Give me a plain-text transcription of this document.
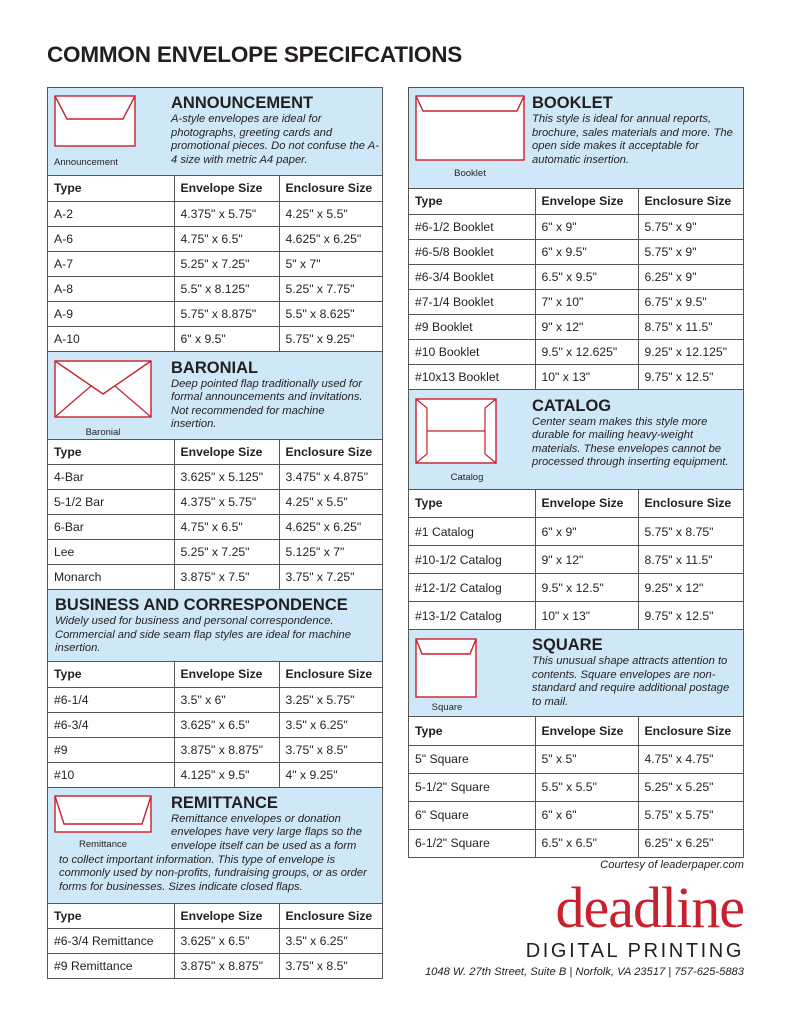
COMMON ENVELOPE SPECIFCATIONS
Announcement
ANNOUNCEMENT
A-style envelopes are ideal for photographs, greeting cards and promotional pieces. Do not confuse the A-4 size with metric A4 paper.
Type	Envelope Size	Enclosure Size
A-2	4.375" x 5.75"	4.25" x 5.5"
A-6	4.75" x 6.5"	4.625" x 6.25"
A-7	5.25" x 7.25"	5" x 7"
A-8	5.5" x 8.125"	5.25" x 7.75"
A-9	5.75" x 8.875"	5.5" x 8.625"
A-10	6" x 9.5"	5.75" x 9.25"
Baronial
BARONIAL
Deep pointed flap traditionally used for formal announcements and invitations. Not recommended for machine insertion.
Type	Envelope Size	Enclosure Size
4-Bar	3.625" x 5.125"	3.475" x 4.875"
5-1/2 Bar	4.375" x 5.75"	4.25" x 5.5"
6-Bar	4.75" x 6.5"	4.625" x 6.25"
Lee	5.25" x 7.25"	5.125" x 7"
Monarch	3.875" x 7.5"	3.75" x 7.25"
BUSINESS AND CORRESPONDENCE
Widely used for business and personal correspondence. Commercial and side seam flap styles are ideal for machine insertion.
Type	Envelope Size	Enclosure Size
#6-1/4	3.5" x 6"	3.25" x 5.75"
#6-3/4	3.625" x 6.5"	3.5" x 6.25"
#9	3.875" x 8.875"	3.75" x 8.5"
#10	4.125" x 9.5"	4" x 9.25"
Remittance
REMITTANCE
Remittance envelopes or donation envelopes have very large flaps so the envelope itself can be used as a form
to collect important information. This type of envelope is commonly used by non-profits, fundraising groups, or as order forms for businesses. Sizes indicate closed flaps.
Type	Envelope Size	Enclosure Size
#6-3/4 Remittance	3.625" x 6.5"	3.5" x 6.25"
#9 Remittance	3.875" x 8.875"	3.75" x 8.5"
Booklet
BOOKLET
This style is ideal for annual reports, brochure, sales materials and more. The open side makes it acceptable for automatic insertion.
Type	Envelope Size	Enclosure Size
#6-1/2 Booklet	6" x 9"	5.75" x 9"
#6-5/8 Booklet	6" x 9.5"	5.75" x 9"
#6-3/4 Booklet	6.5" x 9.5"	6.25" x 9"
#7-1/4 Booklet	7" x 10"	6.75" x 9.5"
#9 Booklet	9" x 12"	8.75" x 11.5"
#10 Booklet	9.5" x 12.625"	9.25" x 12.125"
#10x13 Booklet	10" x 13"	9.75" x 12.5"
Catalog
CATALOG
Center seam makes this style more durable for mailing heavy-weight materials. These envelopes cannot be processed through inserting equipment.
Type	Envelope Size	Enclosure Size
#1 Catalog	6" x 9"	5.75" x 8.75"
#10-1/2 Catalog	9" x 12"	8.75" x 11.5"
#12-1/2 Catalog	9.5" x 12.5"	9.25" x 12"
#13-1/2 Catalog	10" x 13"	9.75" x 12.5"
Square
SQUARE
This unusual shape attracts attention to contents. Square envelopes are non-standard and require additional postage to mail.
Type	Envelope Size	Enclosure Size
5" Square	5" x 5"	4.75" x 4.75"
5-1/2" Square	5.5" x 5.5"	5.25" x 5.25"
6" Square	6" x 6"	5.75" x 5.75"
6-1/2" Square	6.5" x 6.5"	6.25" x 6.25"
Courtesy of leaderpaper.com
deadline
DIGITAL PRINTING
1048 W. 27th Street, Suite B | Norfolk, VA 23517 | 757-625-5883
